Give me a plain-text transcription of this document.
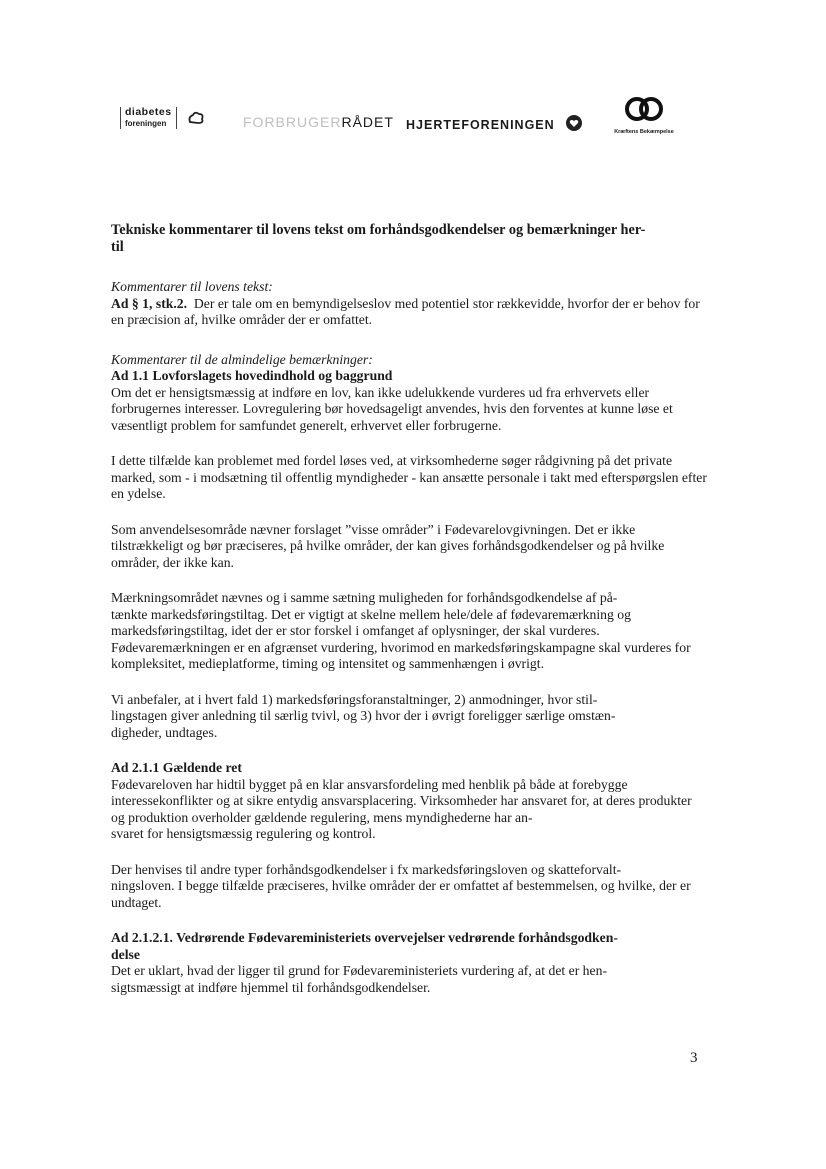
diabetes
foreningen	FORBRUGERRÅDET HJERTEFORENINGEN
Kræftens Bekæmpelse

Tekniske kommentarer til lovens tekst om forhåndsgodkendelser og bemærkninger her-
til

Kommentarer til lovens tekst:

Ad § 1, stk.2. Der er tale om en bemyndigelseslov med potentiel stor rækkevidde, hvorfor der er behov for en præcision af, hvilke områder der er omfattet.

Kommentarer til de almindelige bemærkninger:

Ad 1.1 Lovforslagets hovedindhold og baggrund

Om det er hensigtsmæssig at indføre en lov, kan ikke udelukkende vurderes ud fra erhvervets eller forbrugernes interesser. Lovregulering bør hovedsageligt anvendes, hvis den forventes at kunne løse et væsentligt problem for samfundet generelt, erhvervet eller forbrugerne.

I dette tilfælde kan problemet med fordel løses ved, at virksomhederne søger rådgivning på det private marked, som - i modsætning til offentlig myndigheder - kan ansætte personale i takt med efterspørgslen efter en ydelse.

Som anvendelsesområde nævner forslaget ”visse områder” i Fødevarelovgivningen. Det er ikke tilstrækkeligt og bør præciseres, på hvilke områder, der kan gives forhåndsgodkendelser og på hvilke områder, der ikke kan.

Mærkningsområdet nævnes og i samme sætning muligheden for forhåndsgodkendelse af på-
tænkte markedsføringstiltag. Det er vigtigt at skelne mellem hele/dele af fødevaremærkning og markedsføringstiltag, idet der er stor forskel i omfanget af oplysninger, der skal vurderes. Fødevaremærkningen er en afgrænset vurdering, hvorimod en markedsføringskampagne skal vurderes for kompleksitet, medieplatforme, timing og intensitet og sammenhængen i øvrigt.

Vi anbefaler, at i hvert fald 1) markedsføringsforanstaltninger, 2) anmodninger, hvor stil-
lingstagen giver anledning til særlig tvivl, og 3) hvor der i øvrigt foreligger særlige omstæn-
digheder, undtages.

Ad 2.1.1 Gældende ret

Fødevareloven har hidtil bygget på en klar ansvarsfordeling med henblik på både at forebygge interessekonflikter og at sikre entydig ansvarsplacering. Virksomheder har ansvaret for, at deres produkter og produktion overholder gældende regulering, mens myndighederne har an-
svaret for hensigtsmæssig regulering og kontrol.

Der henvises til andre typer forhåndsgodkendelser i fx markedsføringsloven og skatteforvalt-
ningsloven. I begge tilfælde præciseres, hvilke områder der er omfattet af bestemmelsen, og hvilke, der er undtaget.

Ad 2.1.2.1. Vedrørende Fødevareministeriets overvejelser vedrørende forhåndsgodken-
delse

Det er uklart, hvad der ligger til grund for Fødevareministeriets vurdering af, at det er hen-
sigtsmæssigt at indføre hjemmel til forhåndsgodkendelser.

3
